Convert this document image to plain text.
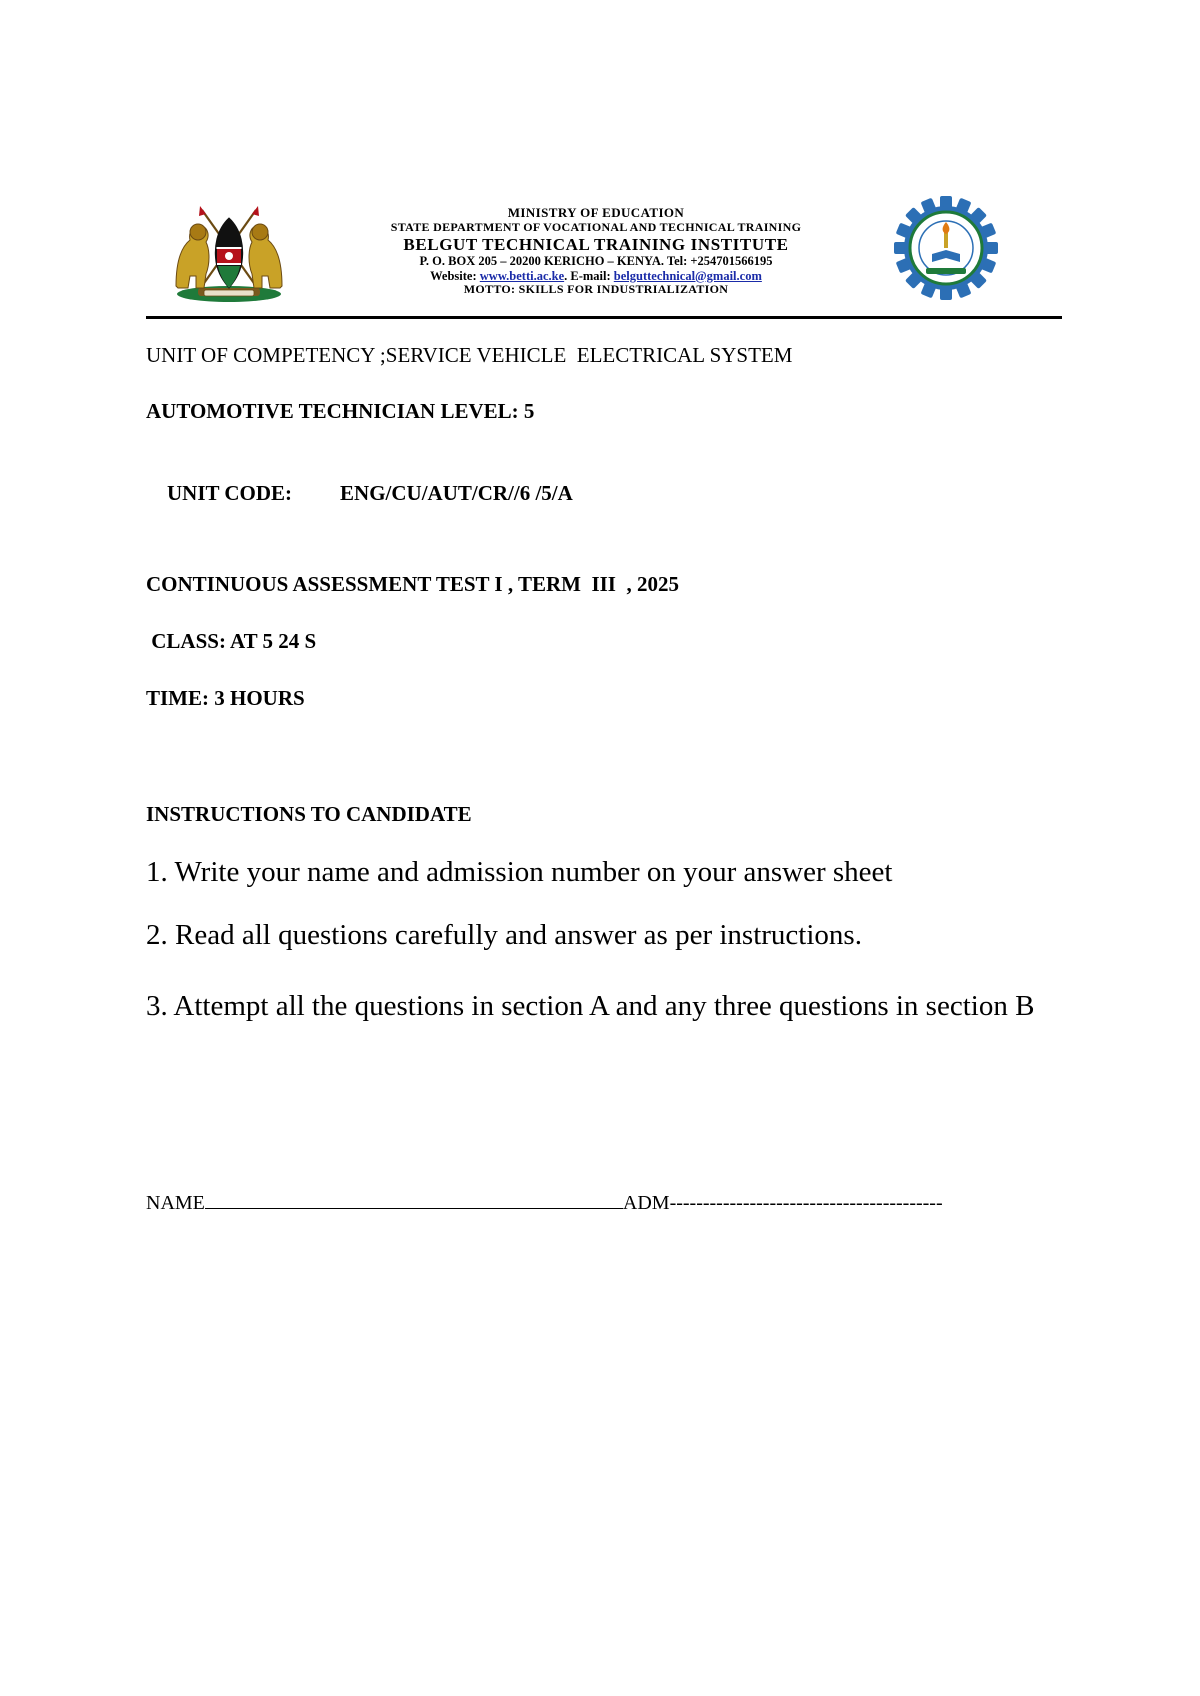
MINISTRY OF EDUCATION
STATE DEPARTMENT OF VOCATIONAL AND TECHNICAL TRAINING
BELGUT TECHNICAL TRAINING INSTITUTE
P. O. BOX 205 – 20200 KERICHO – KENYA. Tel: +254701566195
Website: www.betti.ac.ke. E-mail: belguttechnical@gmail.com
MOTTO: SKILLS FOR INDUSTRIALIZATION
UNIT OF COMPETENCY ;SERVICE VEHICLE  ELECTRICAL SYSTEM
AUTOMOTIVE TECHNICIAN LEVEL: 5

UNIT CODE: ENG/CU/AUT/CR//6 /5/A

CONTINUOUS ASSESSMENT TEST I , TERM  III  , 2025
CLASS: AT 5 24 S
TIME: 3 HOURS
INSTRUCTIONS TO CANDIDATE
1. Write your name and admission number on your answer sheet
2. Read all questions carefully and answer as per instructions.
3. Attempt all the questions in section A and any three questions in section B
NAME	ADM-----------------------------------------
